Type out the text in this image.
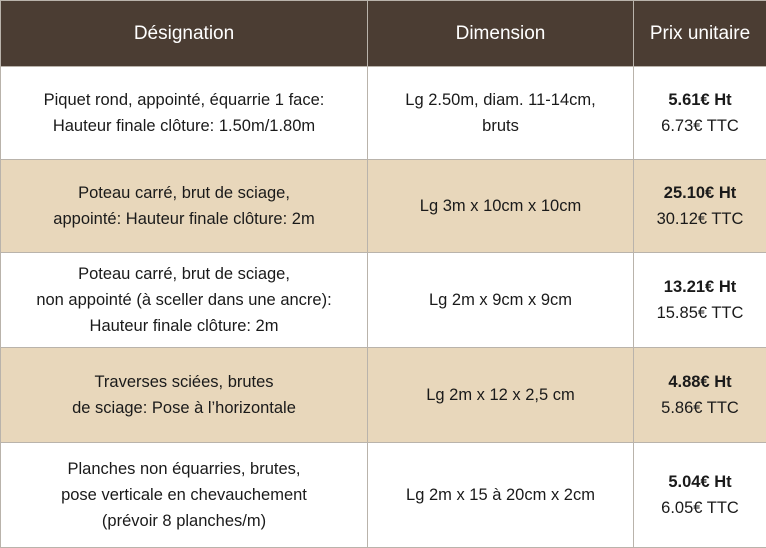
Désignation	Dimension	Prix unitaire

Piquet rond, appointé, équarrie 1 face:
Hauteur finale clôture: 1.50m/1.80m	Lg 2.50m, diam. 11-14cm,
bruts	5.61€ Ht
6.73€ TTC

Poteau carré, brut de sciage,
appointé: Hauteur finale clôture: 2m	Lg 3m x 10cm x 10cm	25.10€ Ht
30.12€ TTC

Poteau carré, brut de sciage,
non appointé (à sceller dans une ancre):
Hauteur finale clôture: 2m	Lg 2m x 9cm x 9cm	13.21€ Ht
15.85€ TTC

Traverses sciées, brutes
de sciage: Pose à l’horizontale	Lg 2m x 12 x 2,5 cm	4.88€ Ht
5.86€ TTC

Planches non équarries, brutes,
pose verticale en chevauchement
(prévoir 8 planches/m)	Lg 2m x 15 à 20cm x 2cm	5.04€ Ht
6.05€ TTC
